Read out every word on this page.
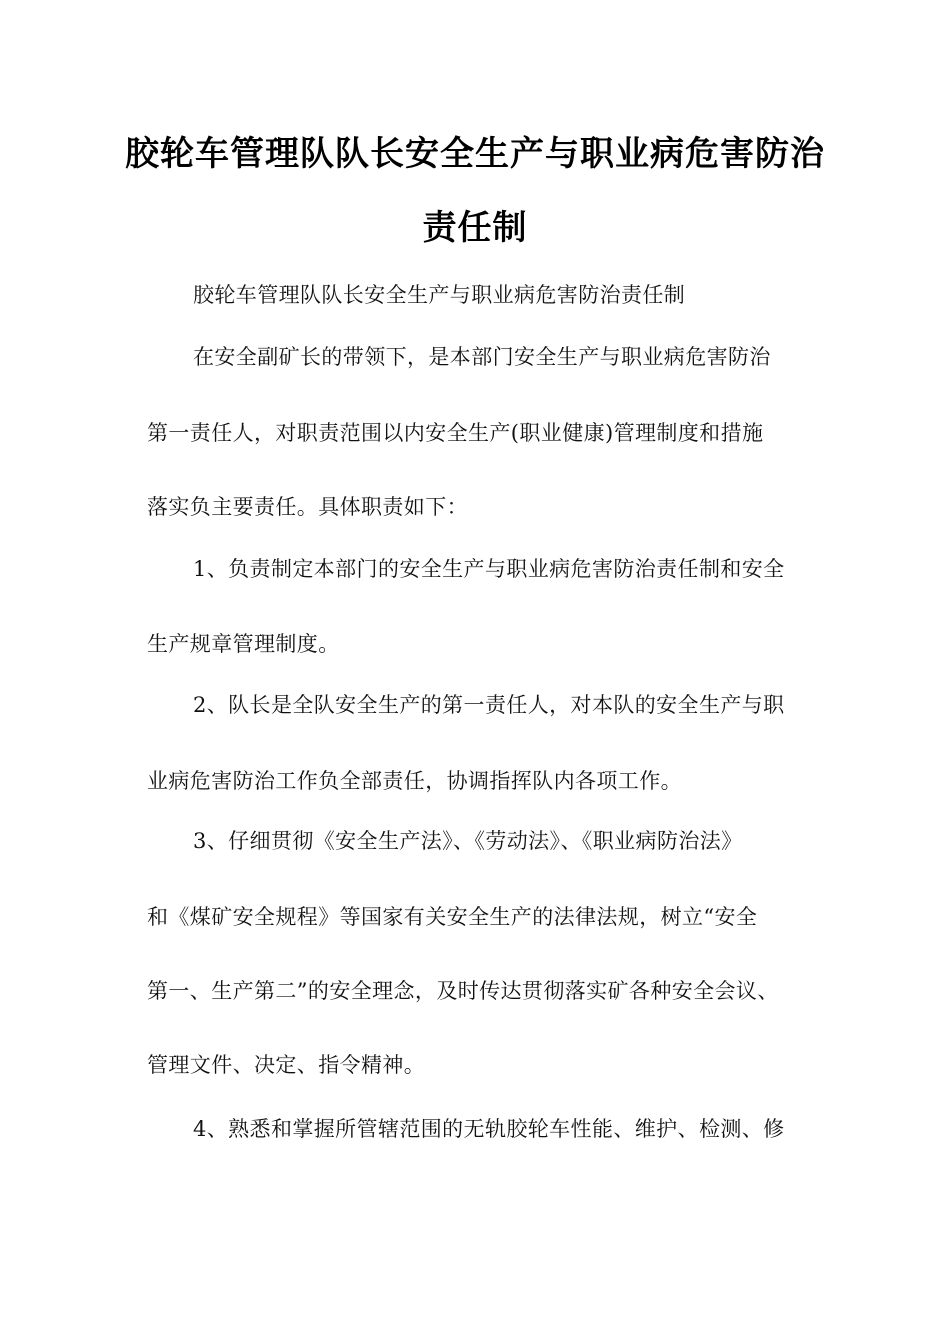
胶轮车管理队队长安全生产与职业病危害防治
责任制
胶轮车管理队队长安全生产与职业病危害防治责任制
在安全副矿长的带领下，是本部门安全生产与职业病危害防治
第一责任人，对职责范围以内安全生产(职业健康)管理制度和措施
落实负主要责任。具体职责如下：
1、负责制定本部门的安全生产与职业病危害防治责任制和安全
生产规章管理制度。
2、队长是全队安全生产的第一责任人，对本队的安全生产与职
业病危害防治工作负全部责任，协调指挥队内各项工作。
3、仔细贯彻《安全生产法》、《劳动法》、《职业病防治法》
和《煤矿安全规程》等国家有关安全生产的法律法规，树立“安全
第一、生产第二”的安全理念，及时传达贯彻落实矿各种安全会议、
管理文件、决定、指令精神。
4、熟悉和掌握所管辖范围的无轨胶轮车性能、维护、检测、修
